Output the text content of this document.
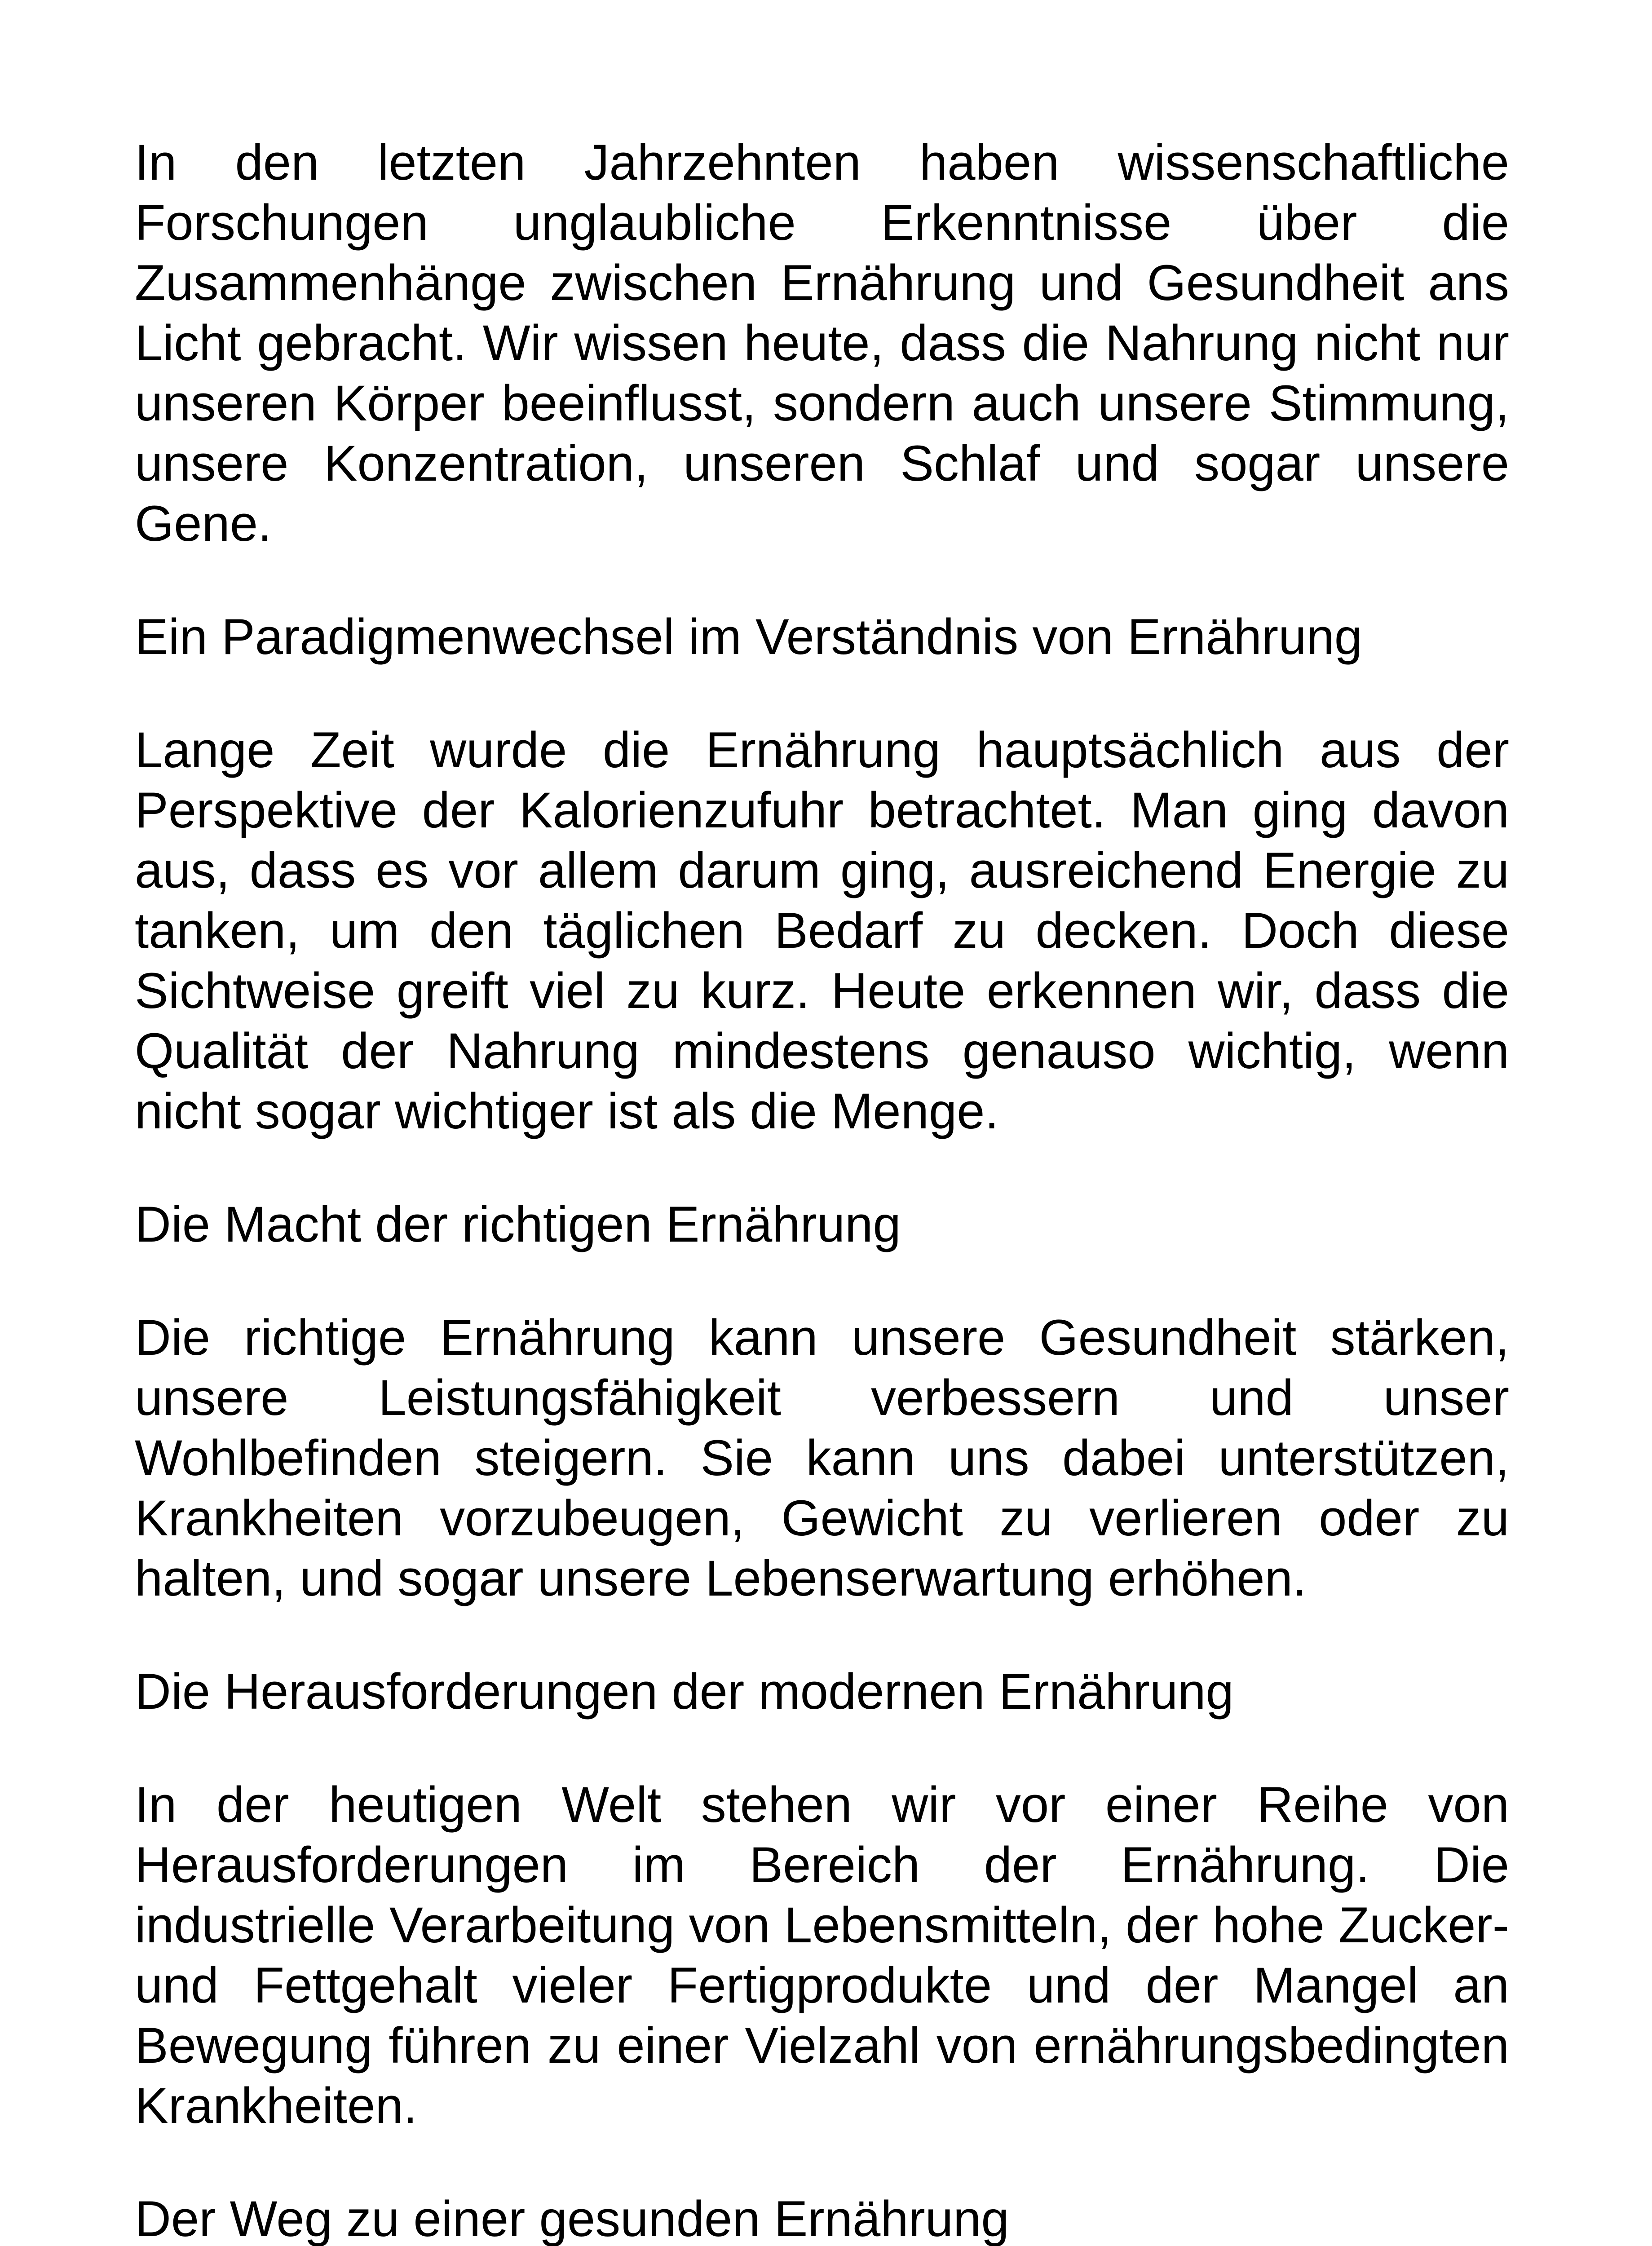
In den letzten Jahrzehnten haben wissenschaftliche Forschungen unglaubliche Erkenntnisse über die Zusammenhänge zwischen Ernährung und Gesundheit ans Licht gebracht. Wir wissen heute, dass die Nahrung nicht nur unseren Körper beeinflusst, sondern auch unsere Stimmung, unsere Konzentration, unseren Schlaf und sogar unsere Gene.

Ein Paradigmenwechsel im Verständnis von Ernährung

Lange Zeit wurde die Ernährung hauptsächlich aus der Perspektive der Kalorienzufuhr betrachtet. Man ging davon aus, dass es vor allem darum ging, ausreichend Energie zu tanken, um den täglichen Bedarf zu decken. Doch diese Sichtweise greift viel zu kurz. Heute erkennen wir, dass die Qualität der Nahrung mindestens genauso wichtig, wenn nicht sogar wichtiger ist als die Menge.

Die Macht der richtigen Ernährung

Die richtige Ernährung kann unsere Gesundheit stärken, unsere Leistungsfähigkeit verbessern und unser Wohlbefinden steigern. Sie kann uns dabei unterstützen, Krankheiten vorzubeugen, Gewicht zu verlieren oder zu halten, und sogar unsere Lebenserwartung erhöhen.

Die Herausforderungen der modernen Ernährung

In der heutigen Welt stehen wir vor einer Reihe von Herausforderungen im Bereich der Ernährung. Die industrielle Verarbeitung von Lebensmitteln, der hohe Zucker- und Fettgehalt vieler Fertigprodukte und der Mangel an Bewegung führen zu einer Vielzahl von ernährungsbedingten Krankheiten.

Der Weg zu einer gesunden Ernährung
